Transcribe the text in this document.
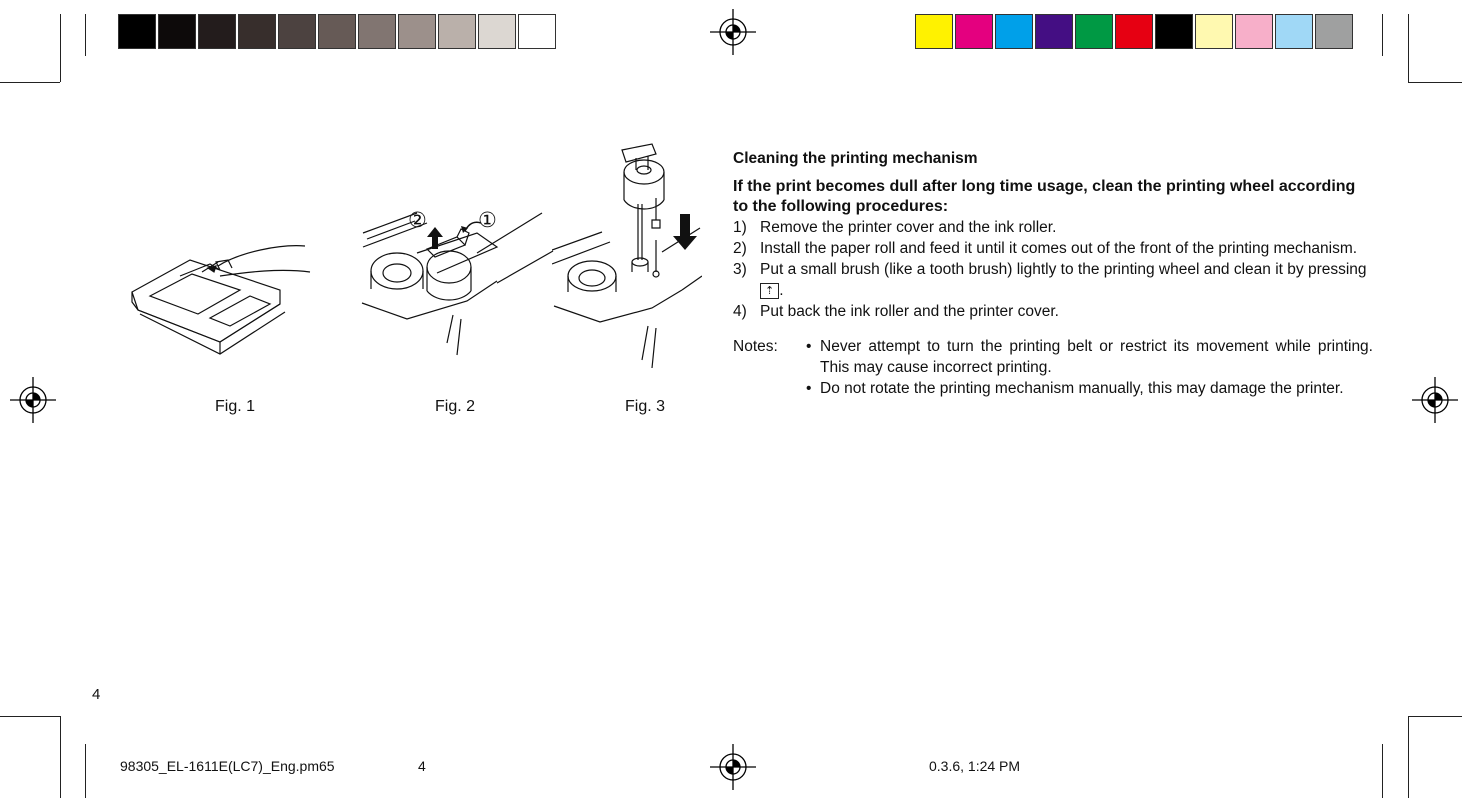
Fig. 1
② ①
Fig. 2	Fig. 3
Cleaning the printing mechanism
If the print becomes dull after long time usage, clean the printing wheel according to the following procedures:
1) Remove the printer cover and the ink roller.
2) Install the paper roll and feed it until it comes out of the front of the printing mechanism.
3) Put a small brush (like a tooth brush) lightly to the printing wheel and clean it by pressing ⇡ .
4) Put back the ink roller and the printer cover.
Notes: • Never attempt to turn the printing belt or restrict its movement while printing. This may cause incorrect printing.
• Do not rotate the printing mechanism manually, this may damage the printer.
4
98305_EL-1611E(LC7)_Eng.pm65	4	0.3.6, 1:24 PM
